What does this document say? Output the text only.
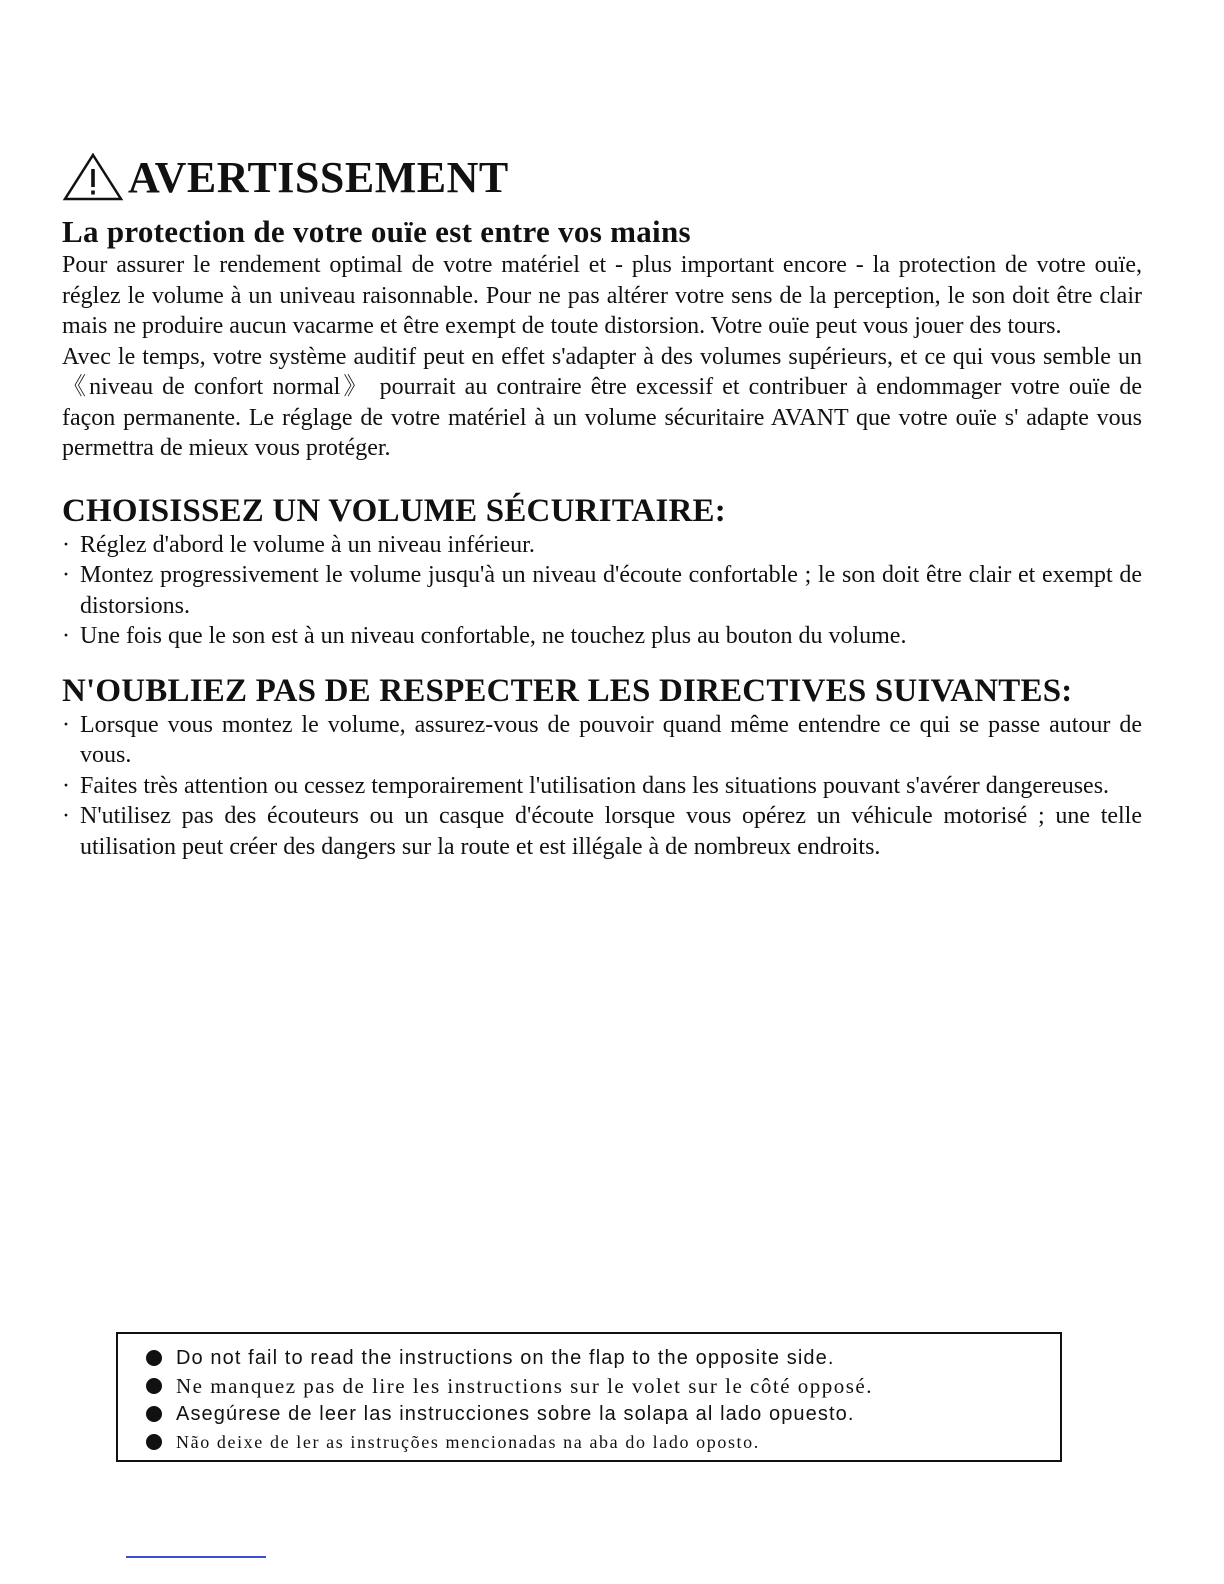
AVERTISSEMENT
La protection de votre ouïe est entre vos mains

Pour assurer le rendement optimal de votre matériel et - plus important encore - la protection de votre ouïe, réglez le volume à un univeau raisonnable. Pour ne pas altérer votre sens de la perception, le son doit être clair mais ne produire aucun vacarme et être exempt de toute distorsion. Votre ouïe peut vous jouer des tours.

Avec le temps, votre système auditif peut en effet s'adapter à des volumes supérieurs, et ce qui vous semble un 《niveau de confort normal》 pourrait au contraire être excessif et contribuer à endommager votre ouïe de façon permanente. Le réglage de votre matériel à un volume sécuritaire AVANT que votre ouïe s' adapte vous permettra de mieux vous protéger.

CHOISISSEZ UN VOLUME SÉCURITAIRE:
· Réglez d'abord le volume à un niveau inférieur.
· Montez progressivement le volume jusqu'à un niveau d'écoute confortable ; le son doit être clair et exempt de distorsions.
· Une fois que le son est à un niveau confortable, ne touchez plus au bouton du volume.
N'OUBLIEZ PAS DE RESPECTER LES DIRECTIVES SUIVANTES:
· Lorsque vous montez le volume, assurez-vous de pouvoir quand même entendre ce qui se passe autour de vous.
· Faites très attention ou cessez temporairement l'utilisation dans les situations pouvant s'avérer dangereuses.
· N'utilisez pas des écouteurs ou un casque d'écoute lorsque vous opérez un véhicule motorisé ; une telle utilisation peut créer des dangers sur la route et est illégale à de nombreux endroits.
Do not fail to read the instructions on the flap to the opposite side.
Ne manquez pas de lire les instructions sur le volet sur le côté opposé.
Asegúrese de leer las instrucciones sobre la solapa al lado opuesto.
Não deixe de ler as instruções mencionadas na aba do lado oposto.
